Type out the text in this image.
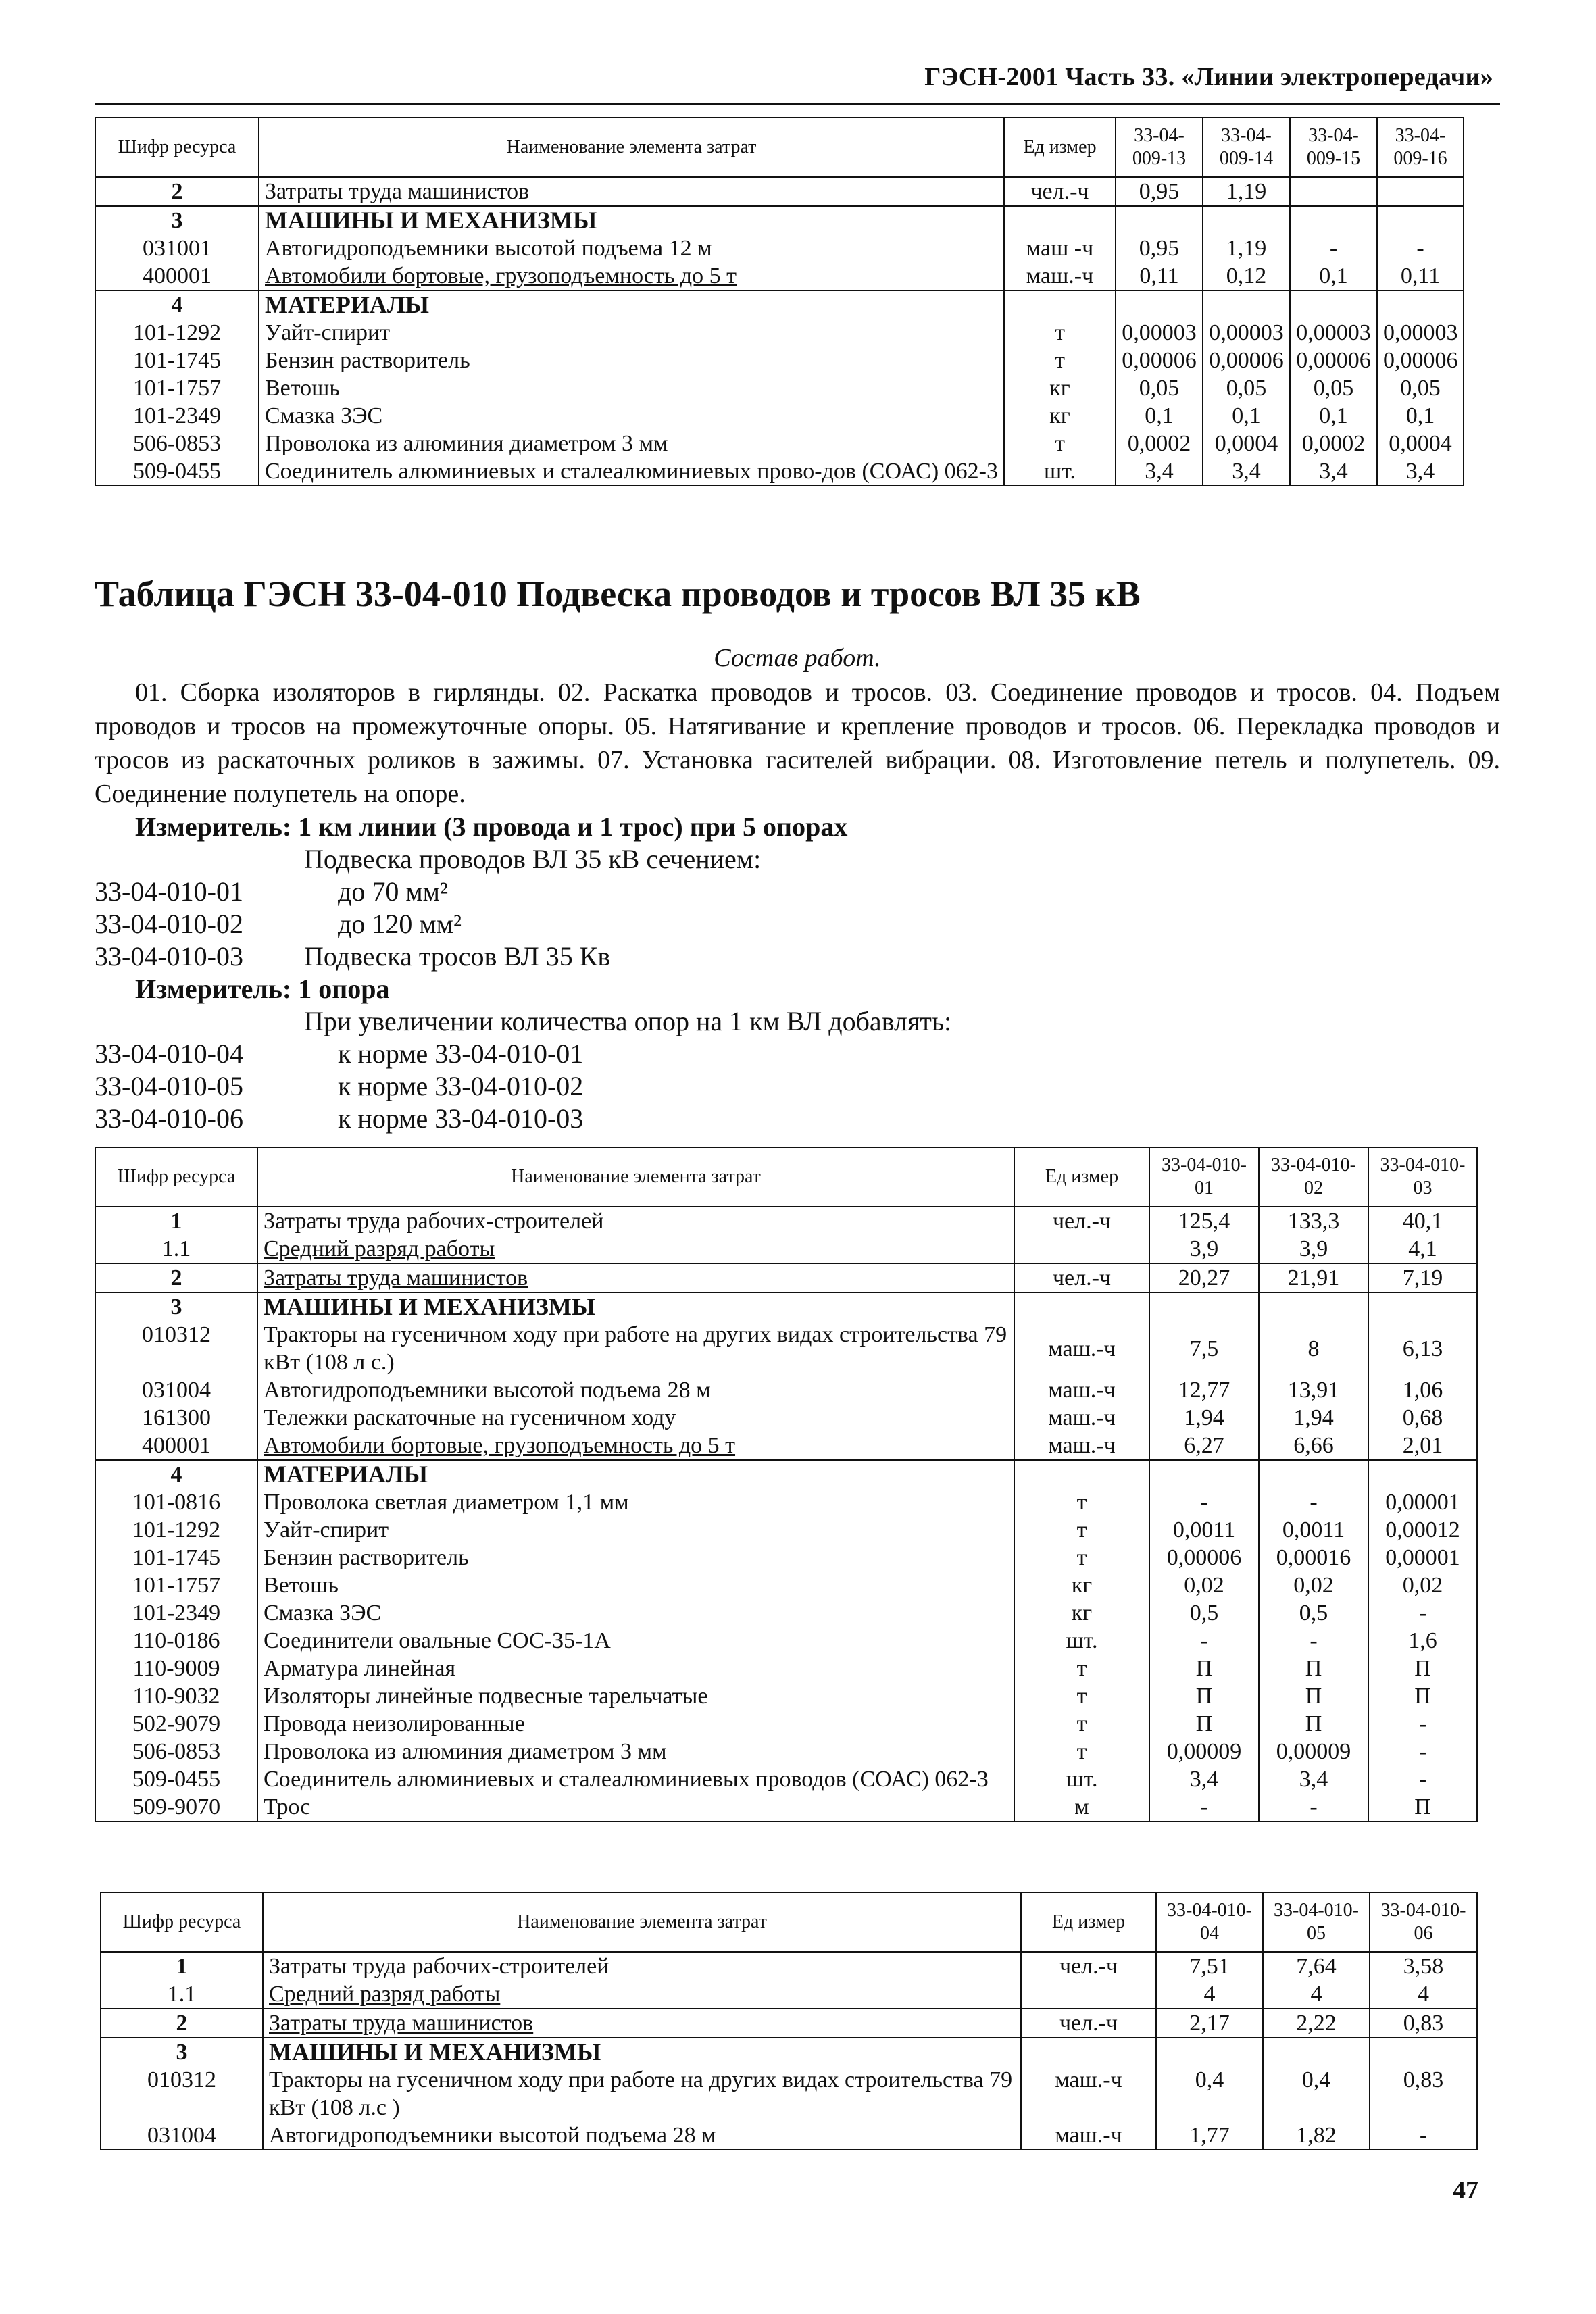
ГЭСН-2001 Часть 33. «Линии электропередачи»
Шифр ресурса	Наименование элемента затрат	Ед измер	33-04-009-13	33-04-009-14	33-04-009-15	33-04-009-16
2	Затраты труда машинистов	чел.-ч	0,95	1,19		
3	МАШИНЫ И МЕХАНИЗМЫ					
031001	Автогидроподъемники высотой подъема 12 м	маш -ч	0,95	1,19	-	-
400001	Автомобили бортовые, грузоподъемность до 5 т	маш.-ч	0,11	0,12	0,1	0,11
4	МАТЕРИАЛЫ					
101-1292	Уайт-спирит	т	0,00003	0,00003	0,00003	0,00003
101-1745	Бензин растворитель	т	0,00006	0,00006	0,00006	0,00006
101-1757	Ветошь	кг	0,05	0,05	0,05	0,05
101-2349	Смазка ЗЭС	кг	0,1	0,1	0,1	0,1
506-0853	Проволока из алюминия диаметром 3 мм	т	0,0002	0,0004	0,0002	0,0004
509-0455	Соединитель алюминиевых и сталеалюминиевых прово-дов (СОАС) 062-3	шт.	3,4	3,4	3,4	3,4
Таблица ГЭСН 33-04-010 Подвеска проводов и тросов ВЛ 35 кВ
Состав работ.
01. Сборка изоляторов в гирлянды. 02. Раскатка проводов и тросов. 03. Соединение проводов и тросов. 04. Подъем проводов и тросов на промежуточные опоры. 05. Натягивание и крепление проводов и тросов. 06. Перекладка проводов и тросов из раскаточных роликов в зажимы. 07. Установка гасителей вибрации. 08. Изготовление петель и полупетель. 09. Соединение полупетель на опоре.
Измеритель: 1 км линии (3 провода и 1 трос) при 5 опорах
Подвеска проводов ВЛ 35 кВ сечением:
33-04-010-01	до 70 мм²
33-04-010-02	до 120 мм²
33-04-010-03 Подвеска тросов ВЛ 35 Кв
Измеритель: 1 опора
При увеличении количества опор на 1 км ВЛ добавлять:
33-04-010-04	к норме 33-04-010-01
33-04-010-05	к норме 33-04-010-02
33-04-010-06	к норме 33-04-010-03
Шифр ресурса	Наименование элемента затрат	Ед измер	33-04-010-01	33-04-010-02	33-04-010-03
1	Затраты труда рабочих-строителей	чел.-ч	125,4	133,3	40,1
1.1	Средний разряд работы		3,9	3,9	4,1
2	Затраты труда машинистов	чел.-ч	20,27	21,91	7,19
3	МАШИНЫ И МЕХАНИЗМЫ				
010312	Тракторы на гусеничном ходу при работе на других видах строительства 79 кВт (108 л с.)	маш.-ч	7,5	8	6,13
031004	Автогидроподъемники высотой подъема 28 м	маш.-ч	12,77	13,91	1,06
161300	Тележки раскаточные на гусеничном ходу	маш.-ч	1,94	1,94	0,68
400001	Автомобили бортовые, грузоподъемность до 5 т	маш.-ч	6,27	6,66	2,01
4	МАТЕРИАЛЫ				
101-0816	Проволока светлая диаметром 1,1 мм	т	-	-	0,00001
101-1292	Уайт-спирит	т	0,0011	0,0011	0,00012
101-1745	Бензин растворитель	т	0,00006	0,00016	0,00001
101-1757	Ветошь	кг	0,02	0,02	0,02
101-2349	Смазка ЗЭС	кг	0,5	0,5	-
110-0186	Соединители овальные СОС-35-1А	шт.	-	-	1,6
110-9009	Арматура линейная	т	П	П	П
110-9032	Изоляторы линейные подвесные тарельчатые	т	П	П	П
502-9079	Провода неизолированные	т	П	П	-
506-0853	Проволока из алюминия диаметром 3 мм	т	0,00009	0,00009	-
509-0455	Соединитель алюминиевых и сталеалюминиевых проводов (СОАС) 062-3	шт.	3,4	3,4	-
509-9070	Трос	м	-	-	П
Шифр ресурса	Наименование элемента затрат	Ед измер	33-04-010-04	33-04-010-05	33-04-010-06
1	Затраты труда рабочих-строителей	чел.-ч	7,51	7,64	3,58
1.1	Средний разряд работы		4	4	4
2	Затраты труда машинистов	чел.-ч	2,17	2,22	0,83
3	МАШИНЫ И МЕХАНИЗМЫ				
010312	Тракторы на гусеничном ходу при работе на других видах строительства 79 кВт (108 л.с )	маш.-ч	0,4	0,4	0,83
031004	Автогидроподъемники высотой подъема 28 м	маш.-ч	1,77	1,82	-
47
